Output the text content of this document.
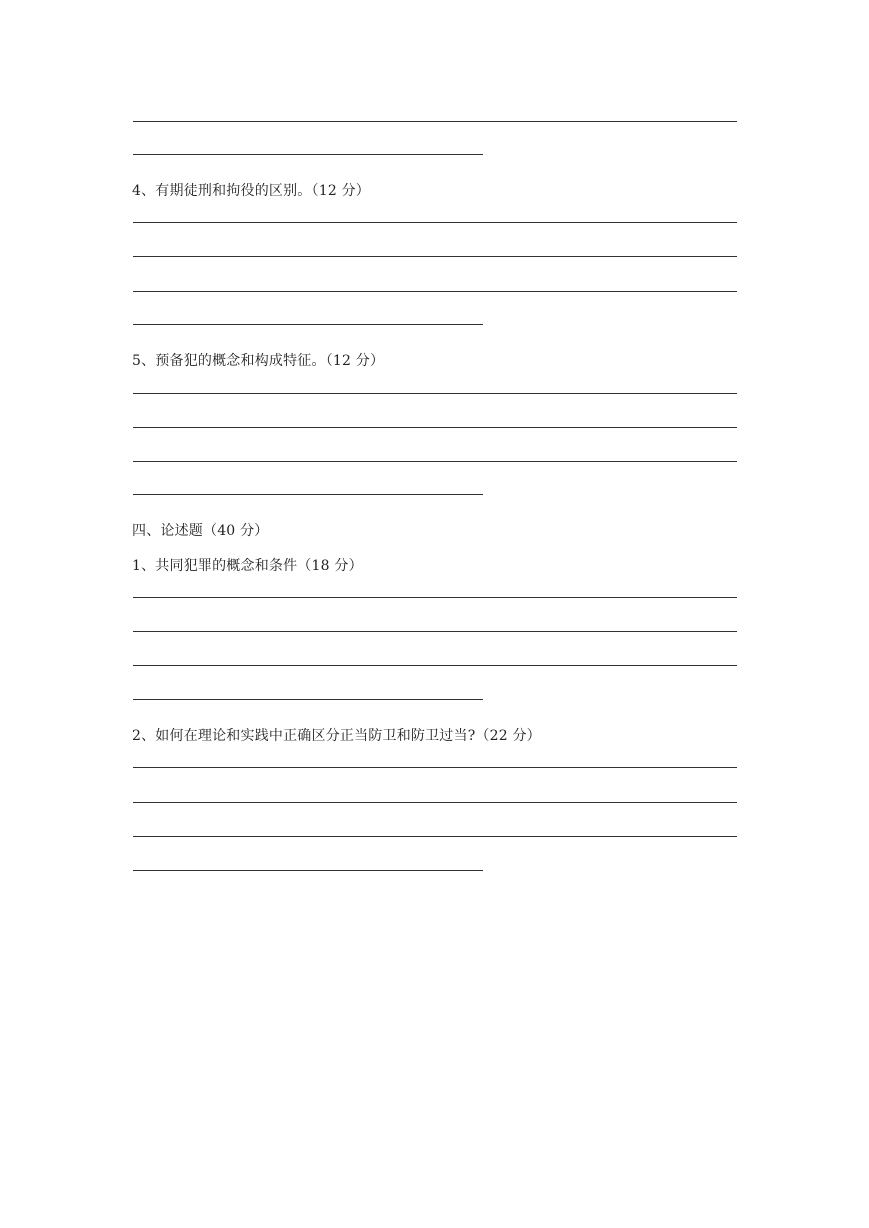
4、有期徒刑和拘役的区别。（12 分）
5、预备犯的概念和构成特征。（12 分）
四、论述题（40 分）
1、共同犯罪的概念和条件（18 分）
2、如何在理论和实践中正确区分正当防卫和防卫过当?（22 分）
